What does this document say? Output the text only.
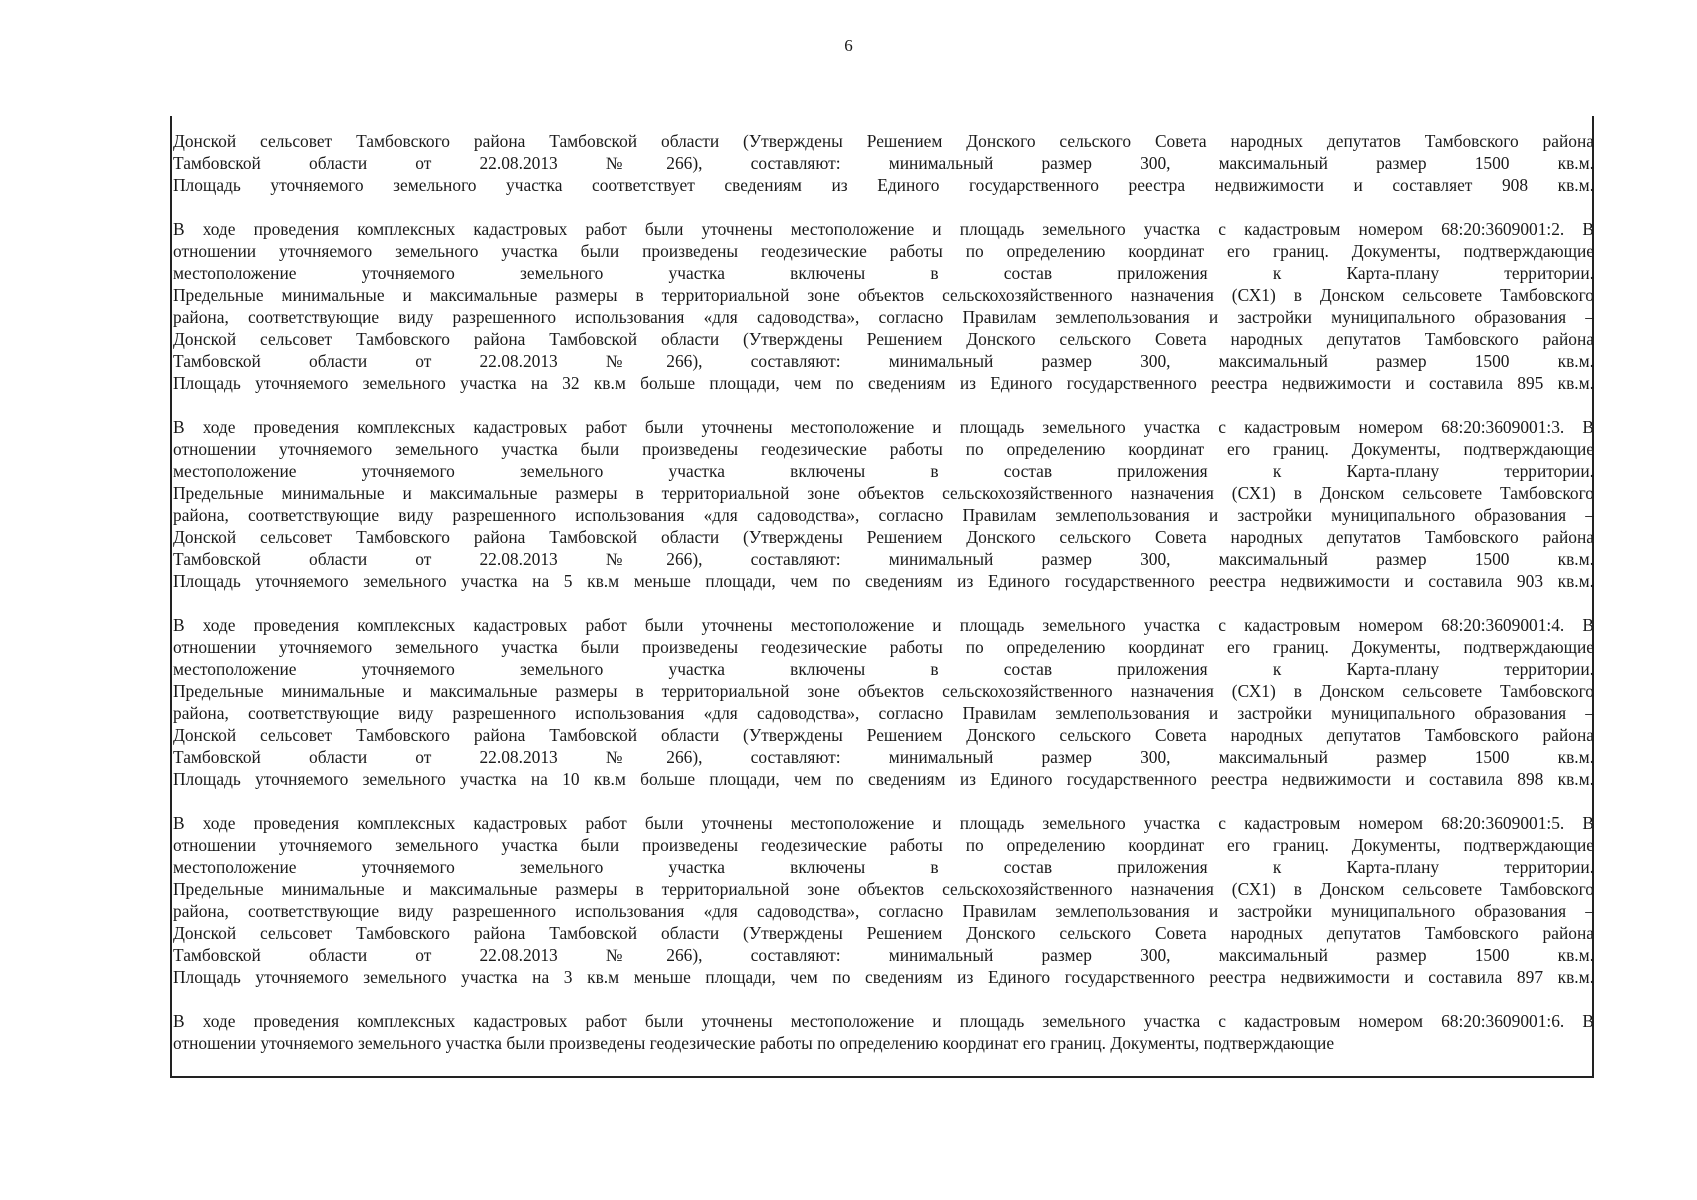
6
Донской сельсовет Тамбовского района Тамбовской области (Утверждены Решением Донского сельского Совета народных депутатов Тамбовского района
Тамбовской области от 22.08.2013 №266), составляют: минимальный размер 300, максимальный размер 1500 кв.м.
Площадь уточняемого земельного участка соответствует сведениям из Единого государственного реестра недвижимости и составляет 908 кв.м.
В ходе проведения комплексных кадастровых работ были уточнены местоположение и площадь земельного участка с кадастровым номером 68:20:3609001:2. В
отношении уточняемого земельного участка были произведены геодезические работы по определению координат его границ. Документы, подтверждающие
местоположение уточняемого земельного участка включены в состав приложения к Карта-плану территории.
Предельные минимальные и максимальные размеры в территориальной зоне объектов сельскохозяйственного назначения (СХ1) в Донском сельсовете Тамбовского
района, соответствующие виду разрешенного использования «для садоводства», согласно Правилам землепользования и застройки муниципального образования –
Донской сельсовет Тамбовского района Тамбовской области (Утверждены Решением Донского сельского Совета народных депутатов Тамбовского района
Тамбовской области от 22.08.2013 №266), составляют: минимальный размер 300, максимальный размер 1500 кв.м.
Площадь уточняемого земельного участка на 32 кв.м больше площади, чем по сведениям из Единого государственного реестра недвижимости и составила 895 кв.м.
В ходе проведения комплексных кадастровых работ были уточнены местоположение и площадь земельного участка с кадастровым номером 68:20:3609001:3. В
отношении уточняемого земельного участка были произведены геодезические работы по определению координат его границ. Документы, подтверждающие
местоположение уточняемого земельного участка включены в состав приложения к Карта-плану территории.
Предельные минимальные и максимальные размеры в территориальной зоне объектов сельскохозяйственного назначения (СХ1) в Донском сельсовете Тамбовского
района, соответствующие виду разрешенного использования «для садоводства», согласно Правилам землепользования и застройки муниципального образования –
Донской сельсовет Тамбовского района Тамбовской области (Утверждены Решением Донского сельского Совета народных депутатов Тамбовского района
Тамбовской области от 22.08.2013 №266), составляют: минимальный размер 300, максимальный размер 1500 кв.м.
Площадь уточняемого земельного участка на 5 кв.м меньше площади, чем по сведениям из Единого государственного реестра недвижимости и составила 903 кв.м.
В ходе проведения комплексных кадастровых работ были уточнены местоположение и площадь земельного участка с кадастровым номером 68:20:3609001:4. В
отношении уточняемого земельного участка были произведены геодезические работы по определению координат его границ. Документы, подтверждающие
местоположение уточняемого земельного участка включены в состав приложения к Карта-плану территории.
Предельные минимальные и максимальные размеры в территориальной зоне объектов сельскохозяйственного назначения (СХ1) в Донском сельсовете Тамбовского
района, соответствующие виду разрешенного использования «для садоводства», согласно Правилам землепользования и застройки муниципального образования –
Донской сельсовет Тамбовского района Тамбовской области (Утверждены Решением Донского сельского Совета народных депутатов Тамбовского района
Тамбовской области от 22.08.2013 №266), составляют: минимальный размер 300, максимальный размер 1500 кв.м.
Площадь уточняемого земельного участка на 10 кв.м больше площади, чем по сведениям из Единого государственного реестра недвижимости и составила 898 кв.м.
В ходе проведения комплексных кадастровых работ были уточнены местоположение и площадь земельного участка с кадастровым номером 68:20:3609001:5. В
отношении уточняемого земельного участка были произведены геодезические работы по определению координат его границ. Документы, подтверждающие
местоположение уточняемого земельного участка включены в состав приложения к Карта-плану территории.
Предельные минимальные и максимальные размеры в территориальной зоне объектов сельскохозяйственного назначения (СХ1) в Донском сельсовете Тамбовского
района, соответствующие виду разрешенного использования «для садоводства», согласно Правилам землепользования и застройки муниципального образования –
Донской сельсовет Тамбовского района Тамбовской области (Утверждены Решением Донского сельского Совета народных депутатов Тамбовского района
Тамбовской области от 22.08.2013 №266), составляют: минимальный размер 300, максимальный размер 1500 кв.м.
Площадь уточняемого земельного участка на 3 кв.м меньше площади, чем по сведениям из Единого государственного реестра недвижимости и составила 897 кв.м.
В ходе проведения комплексных кадастровых работ были уточнены местоположение и площадь земельного участка с кадастровым номером 68:20:3609001:6. В
отношении уточняемого земельного участка были произведены геодезические работы по определению координат его границ. Документы, подтверждающие
